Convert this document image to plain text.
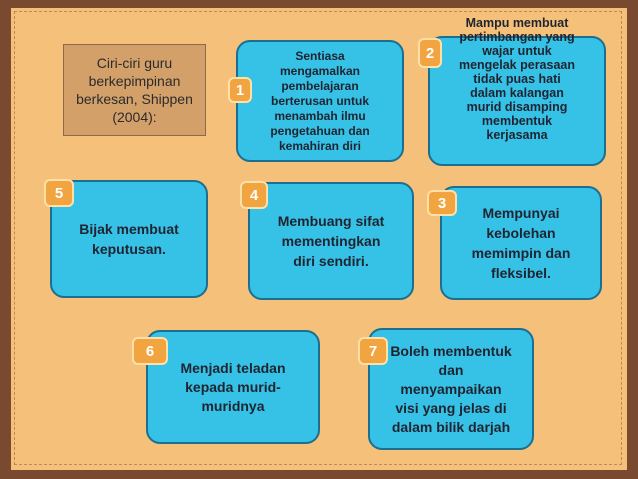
Ciri-ciri guru
berkepimpinan
berkesan, Shippen
(2004):
Sentiasa
mengamalkan
pembelajaran
berterusan untuk
menambah ilmu
pengetahuan dan
kemahiran diri
1
Mampu membuat
pertimbangan yang
wajar untuk
mengelak perasaan
tidak puas hati
dalam kalangan
murid disamping
membentuk
kerjasama
2
Mempunyai
kebolehan
memimpin dan
fleksibel.
3
Membuang sifat
mementingkan
diri sendiri.
4
Bijak membuat
keputusan.
5
Menjadi teladan
kepada murid-
muridnya
6	Boleh membentuk
dan
menyampaikan
visi yang jelas di
dalam bilik darjah
7
